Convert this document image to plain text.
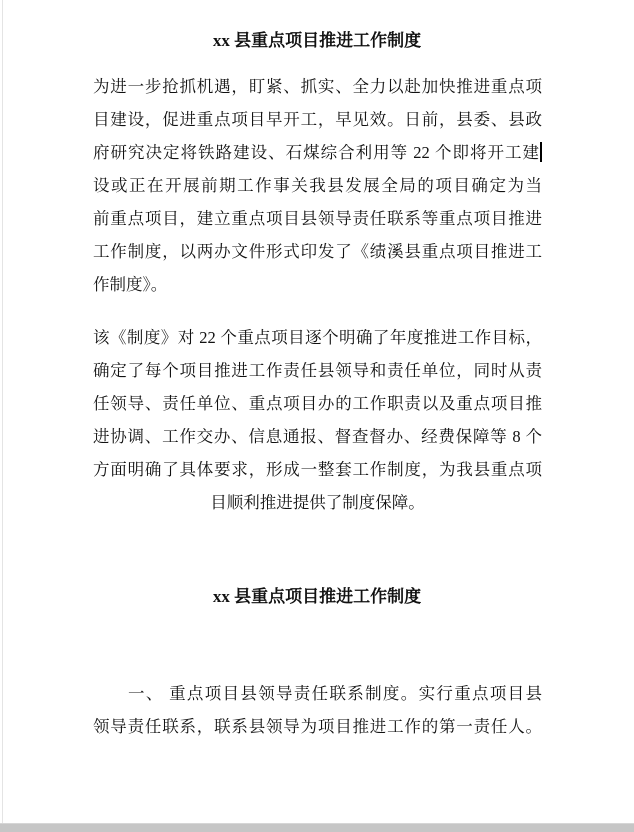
xx 县重点项目推进工作制度
为进一步抢抓机遇，盯紧、抓实、全力以赴加快推进重点项
目建设，促进重点项目早开工，早见效。日前，县委、县政
府研究决定将铁路建设、石煤综合利用等 22 个即将开工建
设或正在开展前期工作事关我县发展全局的项目确定为当
前重点项目，建立重点项目县领导责任联系等重点项目推进
工作制度，以两办文件形式印发了《绩溪县重点项目推进工
作制度》。
该《制度》对 22 个重点项目逐个明确了年度推进工作目标，
确定了每个项目推进工作责任县领导和责任单位，同时从责
任领导、责任单位、重点项目办的工作职责以及重点项目推
进协调、工作交办、信息通报、督查督办、经费保障等 8 个
方面明确了具体要求，形成一整套工作制度，为我县重点项
目顺利推进提供了制度保障。
xx 县重点项目推进工作制度
一、 重点项目县领导责任联系制度。实行重点项目县
领导责任联系，联系县领导为项目推进工作的第一责任人。
